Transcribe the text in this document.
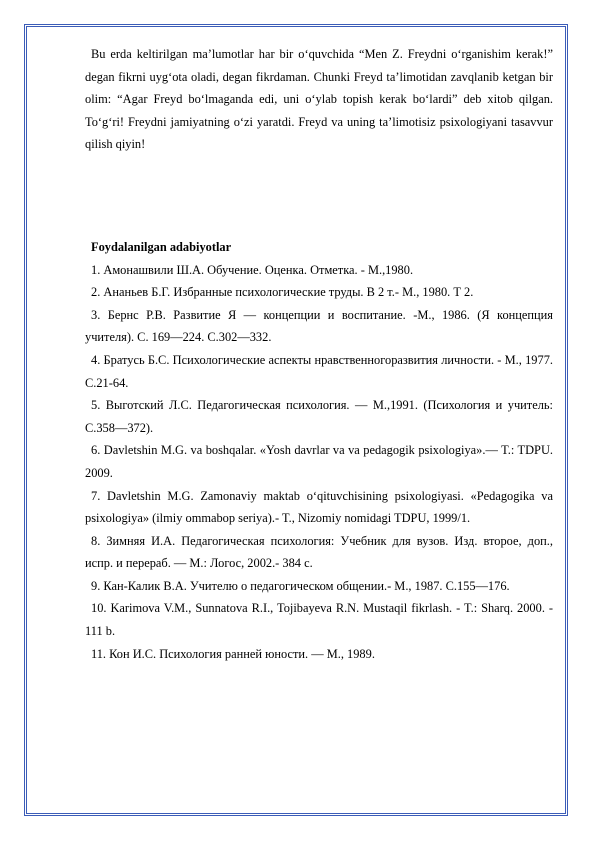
Bu erda keltirilgan ma’lumotlar har bir o‘quvchida “Men Z. Freydni o‘rganishim kerak!” degan fikrni uyg‘ota oladi, degan fikrdaman. Chunki Freyd ta’limotidan zavqlanib ketgan bir olim: “Agar Freyd bo‘lmaganda edi, uni o‘ylab topish kerak bo‘lardi” deb xitob qilgan. To‘g‘ri! Freydni jamiyatning o‘zi yaratdi. Freyd va uning ta’limotisiz psixologiyani tasavvur qilish qiyin!

Foydalanilgan adabiyotlar

1. Амонашвили Ш.А. Обучение. Оценка. Отметка. - М.,1980.

2. Ананьев Б.Г. Избранные психологические труды. В 2 т.- М., 1980. Т 2.

3. Бернс Р.В. Развитие Я — концепции и воспитание. -М., 1986. (Я концепция учителя). С. 169—224. С.302—332.

4. Братусь Б.С. Психологические аспекты нравственногоразвития личности. - М., 1977. С.21-64.

5. Выготский Л.С. Педагогическая психология. — М.,1991. (Психология и учитель: С.358—372).

6. Davletshin M.G. va boshqalar. «Yosh davrlar va va pedagogik psixologiya».— T.: TDPU. 2009.

7. Davletshin M.G. Zamonaviy maktab o‘qituvchisining psixologiyasi. «Pedagogika va psixologiya» (ilmiy ommabop seriya).- T., Nizomiy nomidagi TDPU, 1999/1.

8. Зимняя И.А. Педагогическая психология: Учебник для вузов. Изд. второе, доп., испр. и перераб. — М.: Логос, 2002.- 384 с.

9. Кан-Калик В.А. Учителю о педагогическом общении.- М., 1987. С.155—176.

10. Karimova V.M., Sunnatova R.I., Tojibayeva R.N. Mustaqil fikrlash. - T.: Sharq. 2000. - 111 b.

11. Кон И.С. Психология ранней юности. — М., 1989.
